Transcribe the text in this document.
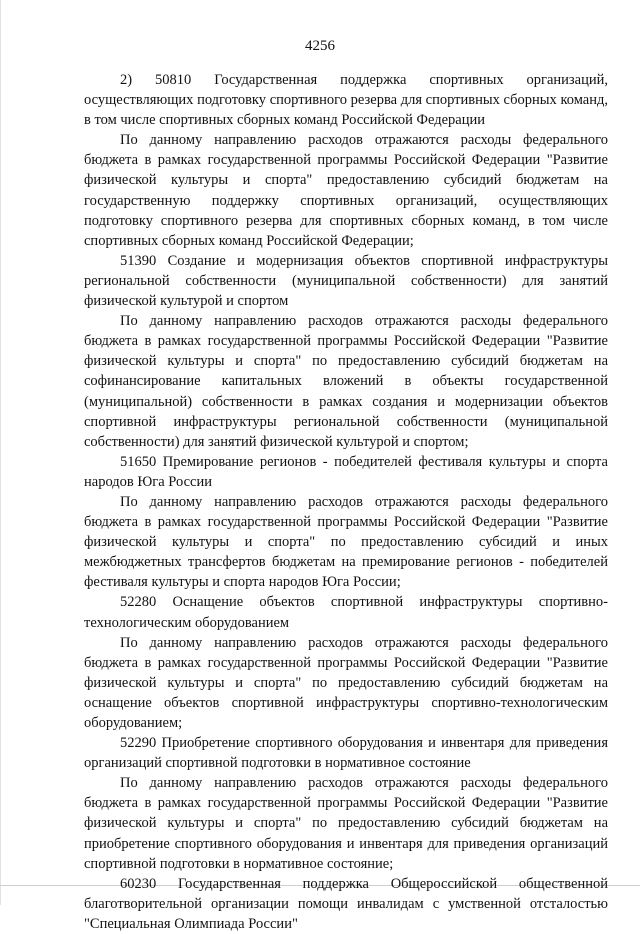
4256

2) 50810 Государственная поддержка спортивных организаций, осуществляющих подготовку спортивного резерва для спортивных сборных команд, в том числе спортивных сборных команд Российской Федерации

По данному направлению расходов отражаются расходы федерального бюджета в рамках государственной программы Российской Федерации "Развитие физической культуры и спорта" предоставлению субсидий бюджетам на государственную поддержку спортивных организаций, осуществляющих подготовку спортивного резерва для спортивных сборных команд, в том числе спортивных сборных команд Российской Федерации;

51390 Создание и модернизация объектов спортивной инфраструктуры региональной собственности (муниципальной собственности) для занятий физической культурой и спортом

По данному направлению расходов отражаются расходы федерального бюджета в рамках государственной программы Российской Федерации "Развитие физической культуры и спорта" по предоставлению субсидий бюджетам на софинансирование капитальных вложений в объекты государственной (муниципальной) собственности в рамках создания и модернизации объектов спортивной инфраструктуры региональной собственности (муниципальной собственности) для занятий физической культурой и спортом;

51650 Премирование регионов - победителей фестиваля культуры и спорта народов Юга России

По данному направлению расходов отражаются расходы федерального бюджета в рамках государственной программы Российской Федерации "Развитие физической культуры и спорта" по предоставлению субсидий и иных межбюджетных трансфертов бюджетам на премирование регионов - победителей фестиваля культуры и спорта народов Юга России;

52280 Оснащение объектов спортивной инфраструктуры спортивно-технологическим оборудованием

По данному направлению расходов отражаются расходы федерального бюджета в рамках государственной программы Российской Федерации "Развитие физической культуры и спорта" по предоставлению субсидий бюджетам на оснащение объектов спортивной инфраструктуры спортивно-технологическим оборудованием;

52290 Приобретение спортивного оборудования и инвентаря для приведения организаций спортивной подготовки в нормативное состояние

По данному направлению расходов отражаются расходы федерального бюджета в рамках государственной программы Российской Федерации "Развитие физической культуры и спорта" по предоставлению субсидий бюджетам на приобретение спортивного оборудования и инвентаря для приведения организаций спортивной подготовки в нормативное состояние;

60230 Государственная поддержка Общероссийской общественной благотворительной организации помощи инвалидам с умственной отсталостью "Специальная Олимпиада России"
